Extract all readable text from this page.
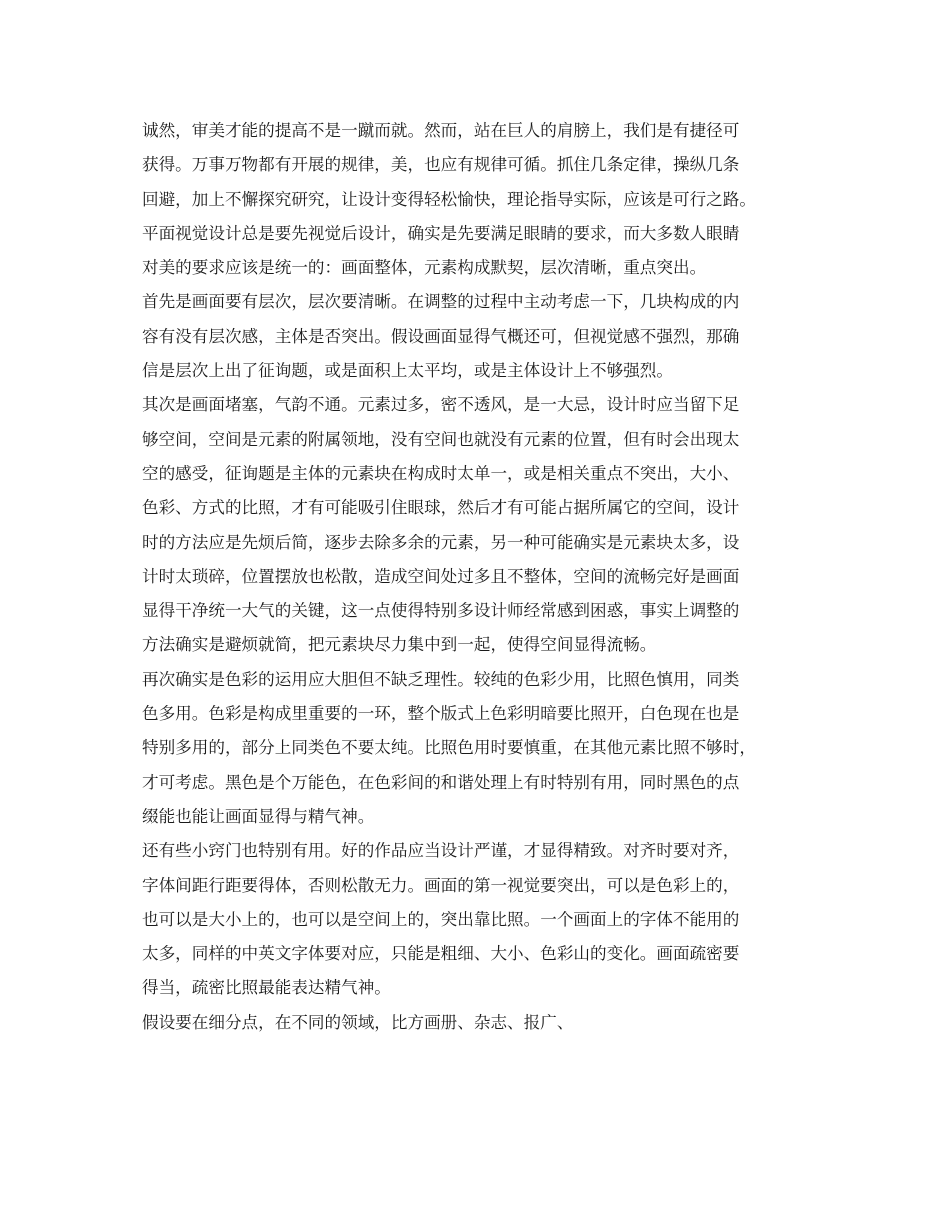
诚然，审美才能的提高不是一蹴而就。然而，站在巨人的肩膀上，我们是有捷径可
获得。万事万物都有开展的规律，美，也应有规律可循。抓住几条定律，操纵几条
回避，加上不懈探究研究，让设计变得轻松愉快，理论指导实际，应该是可行之路。
平面视觉设计总是要先视觉后设计，确实是先要满足眼睛的要求，而大多数人眼睛
对美的要求应该是统一的：画面整体，元素构成默契，层次清晰，重点突出。
首先是画面要有层次，层次要清晰。在调整的过程中主动考虑一下，几块构成的内
容有没有层次感，主体是否突出。假设画面显得气概还可，但视觉感不强烈，那确
信是层次上出了征询题，或是面积上太平均，或是主体设计上不够强烈。
其次是画面堵塞，气韵不通。元素过多，密不透风，是一大忌，设计时应当留下足
够空间，空间是元素的附属领地，没有空间也就没有元素的位置，但有时会出现太
空的感受，征询题是主体的元素块在构成时太单一，或是相关重点不突出，大小、
色彩、方式的比照，才有可能吸引住眼球，然后才有可能占据所属它的空间，设计
时的方法应是先烦后简，逐步去除多余的元素，另一种可能确实是元素块太多，设
计时太琐碎，位置摆放也松散，造成空间处过多且不整体，空间的流畅完好是画面
显得干净统一大气的关键，这一点使得特别多设计师经常感到困惑，事实上调整的
方法确实是避烦就简，把元素块尽力集中到一起，使得空间显得流畅。
再次确实是色彩的运用应大胆但不缺乏理性。较纯的色彩少用，比照色慎用，同类
色多用。色彩是构成里重要的一环，整个版式上色彩明暗要比照开，白色现在也是
特别多用的，部分上同类色不要太纯。比照色用时要慎重，在其他元素比照不够时，
才可考虑。黑色是个万能色，在色彩间的和谐处理上有时特别有用，同时黑色的点
缀能也能让画面显得与精气神。
还有些小窍门也特别有用。好的作品应当设计严谨，才显得精致。对齐时要对齐，
字体间距行距要得体，否则松散无力。画面的第一视觉要突出，可以是色彩上的，
也可以是大小上的，也可以是空间上的，突出靠比照。一个画面上的字体不能用的
太多，同样的中英文字体要对应，只能是粗细、大小、色彩山的变化。画面疏密要
得当，疏密比照最能表达精气神。
假设要在细分点，在不同的领域，比方画册、杂志、报广、
